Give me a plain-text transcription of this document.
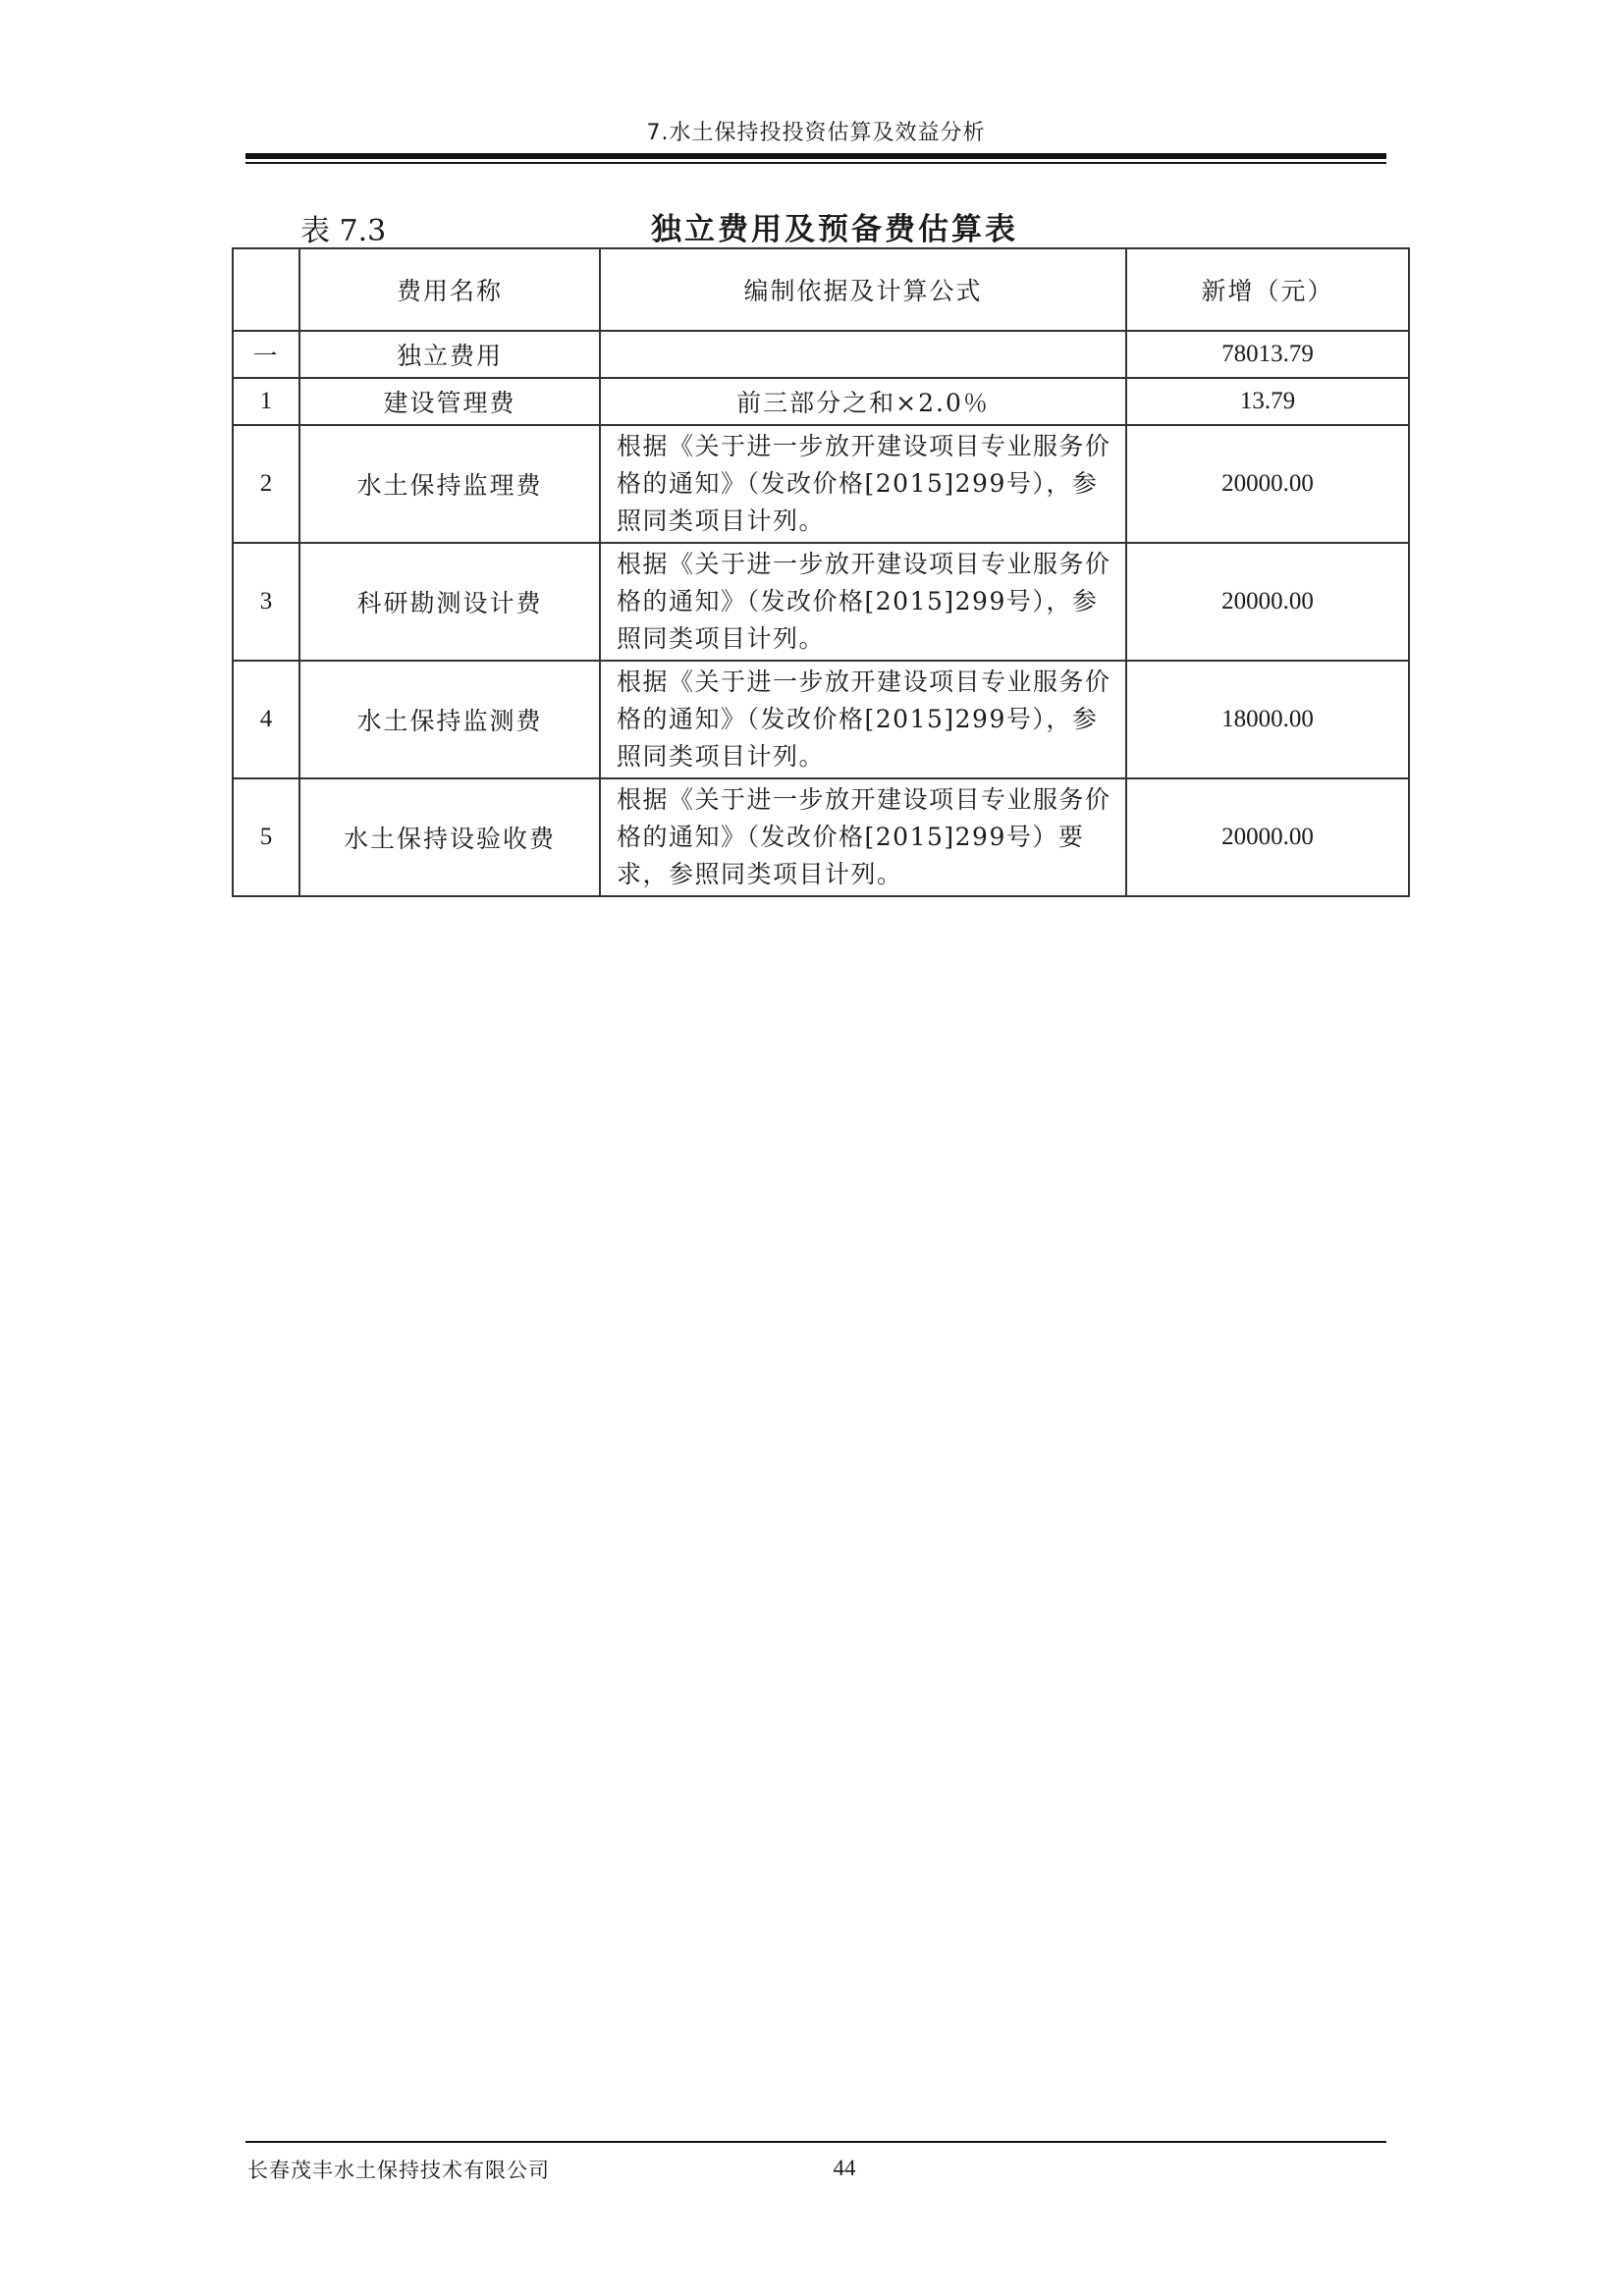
7.水土保持投投资估算及效益分析
表 7.3	独立费用及预备费估算表
	费用名称	编制依据及计算公式	新增（元）
一	独立费用		78013.79
1	建设管理费	前三部分之和×2.0％	13.79
2	水土保持监理费	根据《关于进一步放开建设项目专业服务价格的通知》（发改价格[2015]299号），参照同类项目计列。	20000.00
3	科研勘测设计费	根据《关于进一步放开建设项目专业服务价格的通知》（发改价格[2015]299号），参照同类项目计列。	20000.00
4	水土保持监测费	根据《关于进一步放开建设项目专业服务价格的通知》（发改价格[2015]299号），参照同类项目计列。	18000.00
5	水土保持设验收费	根据《关于进一步放开建设项目专业服务价格的通知》（发改价格[2015]299号）要求，参照同类项目计列。	20000.00
长春茂丰水土保持技术有限公司	44
